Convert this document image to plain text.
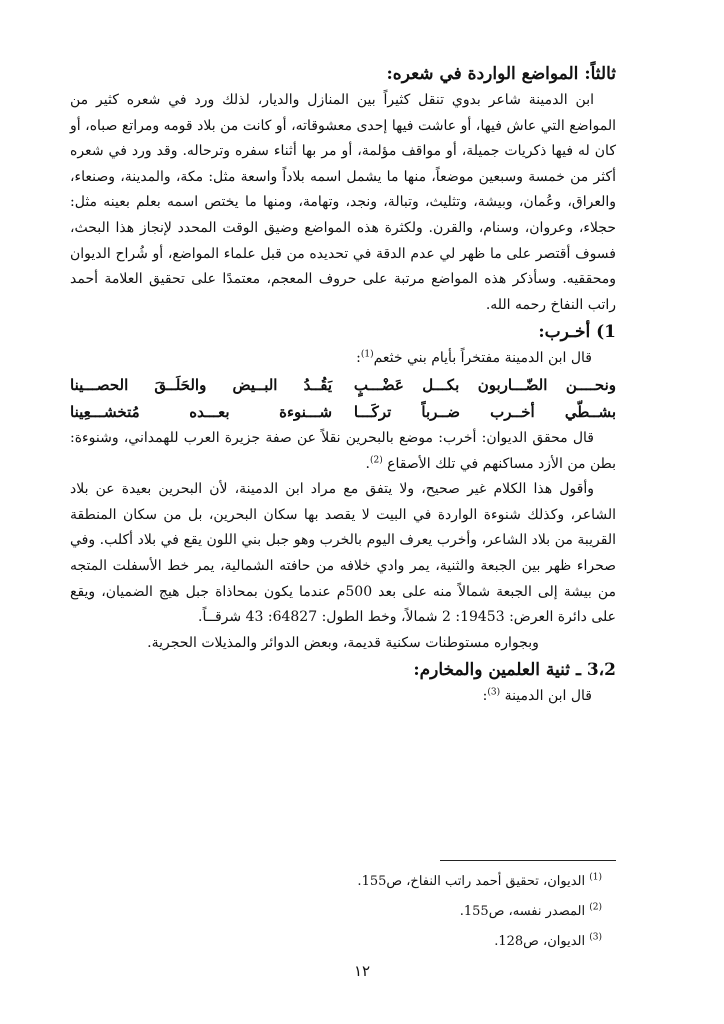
ثالثاً: المواضع الواردة في شعره:

ابن الدمينة شاعر بدوي تنقل كثيراً بين المنازل والديار، لذلك ورد في شعره كثير من المواضع التي عاش فيها، أو عاشت فيها إحدى معشوقاته، أو كانت من بلاد قومه ومراتع صباه، أو كان له فيها ذكريات جميلة، أو مواقف مؤلمة، أو مر بها أثناء سفره وترحاله. وقد ورد في شعره أكثر من خمسة وسبعين موضعاً، منها ما يشمل اسمه بلاداً واسعة مثل: مكة، والمدينة، وصنعاء، والعراق، وعُمان، وبيشة، وتثليث، وتبالة، ونجد، وتهامة، ومنها ما يختص اسمه بعلم بعينه مثل: حجلاء، وعروان، وسنام، والقرن. ولكثرة هذه المواضع وضيق الوقت المحدد لإنجاز هذا البحث، فسوف أقتصر على ما ظهر لي عدم الدقة في تحديده من قبل علماء المواضع، أو شُراح الديوان ومحققيه. وسأذكر هذه المواضع مرتبة على حروف المعجم، معتمدًا على تحقيق العلامة أحمد راتب النفاخ رحمه الله.

1) أخـرب:

قال ابن الدمينة مفتخراً بأيام بني خثعم$^{(1)}$:

ونحــــن الضّـــاربون بكـــل عَضْـــبٍ
يَقُــدُ البــيض والحَلَــقَ الحصـــينا
بشــطّي أخــرب ضــرباً تركَـــا
شـــنوءة بعـــده مُتخشـــعِينا

قال محقق الديوان: أخرب: موضع بالبحرين نقلاً عن صفة جزيرة العرب للهمداني، وشنوءة: بطن من الأزد مساكنهم في تلك الأصقاع $^{(2)}$.

وأقول هذا الكلام غير صحيح، ولا يتفق مع مراد ابن الدمينة، لأن البحرين بعيدة عن بلاد الشاعر، وكذلك شنوءة الواردة في البيت لا يقصد بها سكان البحرين، بل من سكان المنطقة القريبة من بلاد الشاعر، وأخرب يعرف اليوم بالخرب وهو جبل بني اللون يقع في بلاد أكلب. وفي صحراء ظهر بين الجبعة والثنية، يمر وادي خلافه من حافته الشمالية، يمر خط الأسفلت المتجه من بيشة إلى الجبعة شمالاً منه على بعد 500م عندما يكون بمحاذاة جبل هيج الضميان، ويقع على دائرة العرض: 19453: 2 شمالاً، وخط الطول: 64827: 43 شرقــاً.

وبجواره مستوطنات سكنية قديمة، وبعض الدوائر والمذيلات الحجرية.

3،2 ـ ثنية العلمين والمخارم:

قال ابن الدمينة $^{(3)}$:

$^{(1)}$ الديوان، تحقيق أحمد راتب النفاخ، ص155.

$^{(2)}$ المصدر نفسه، ص155.

$^{(3)}$ الديوان، ص128.

١٢
